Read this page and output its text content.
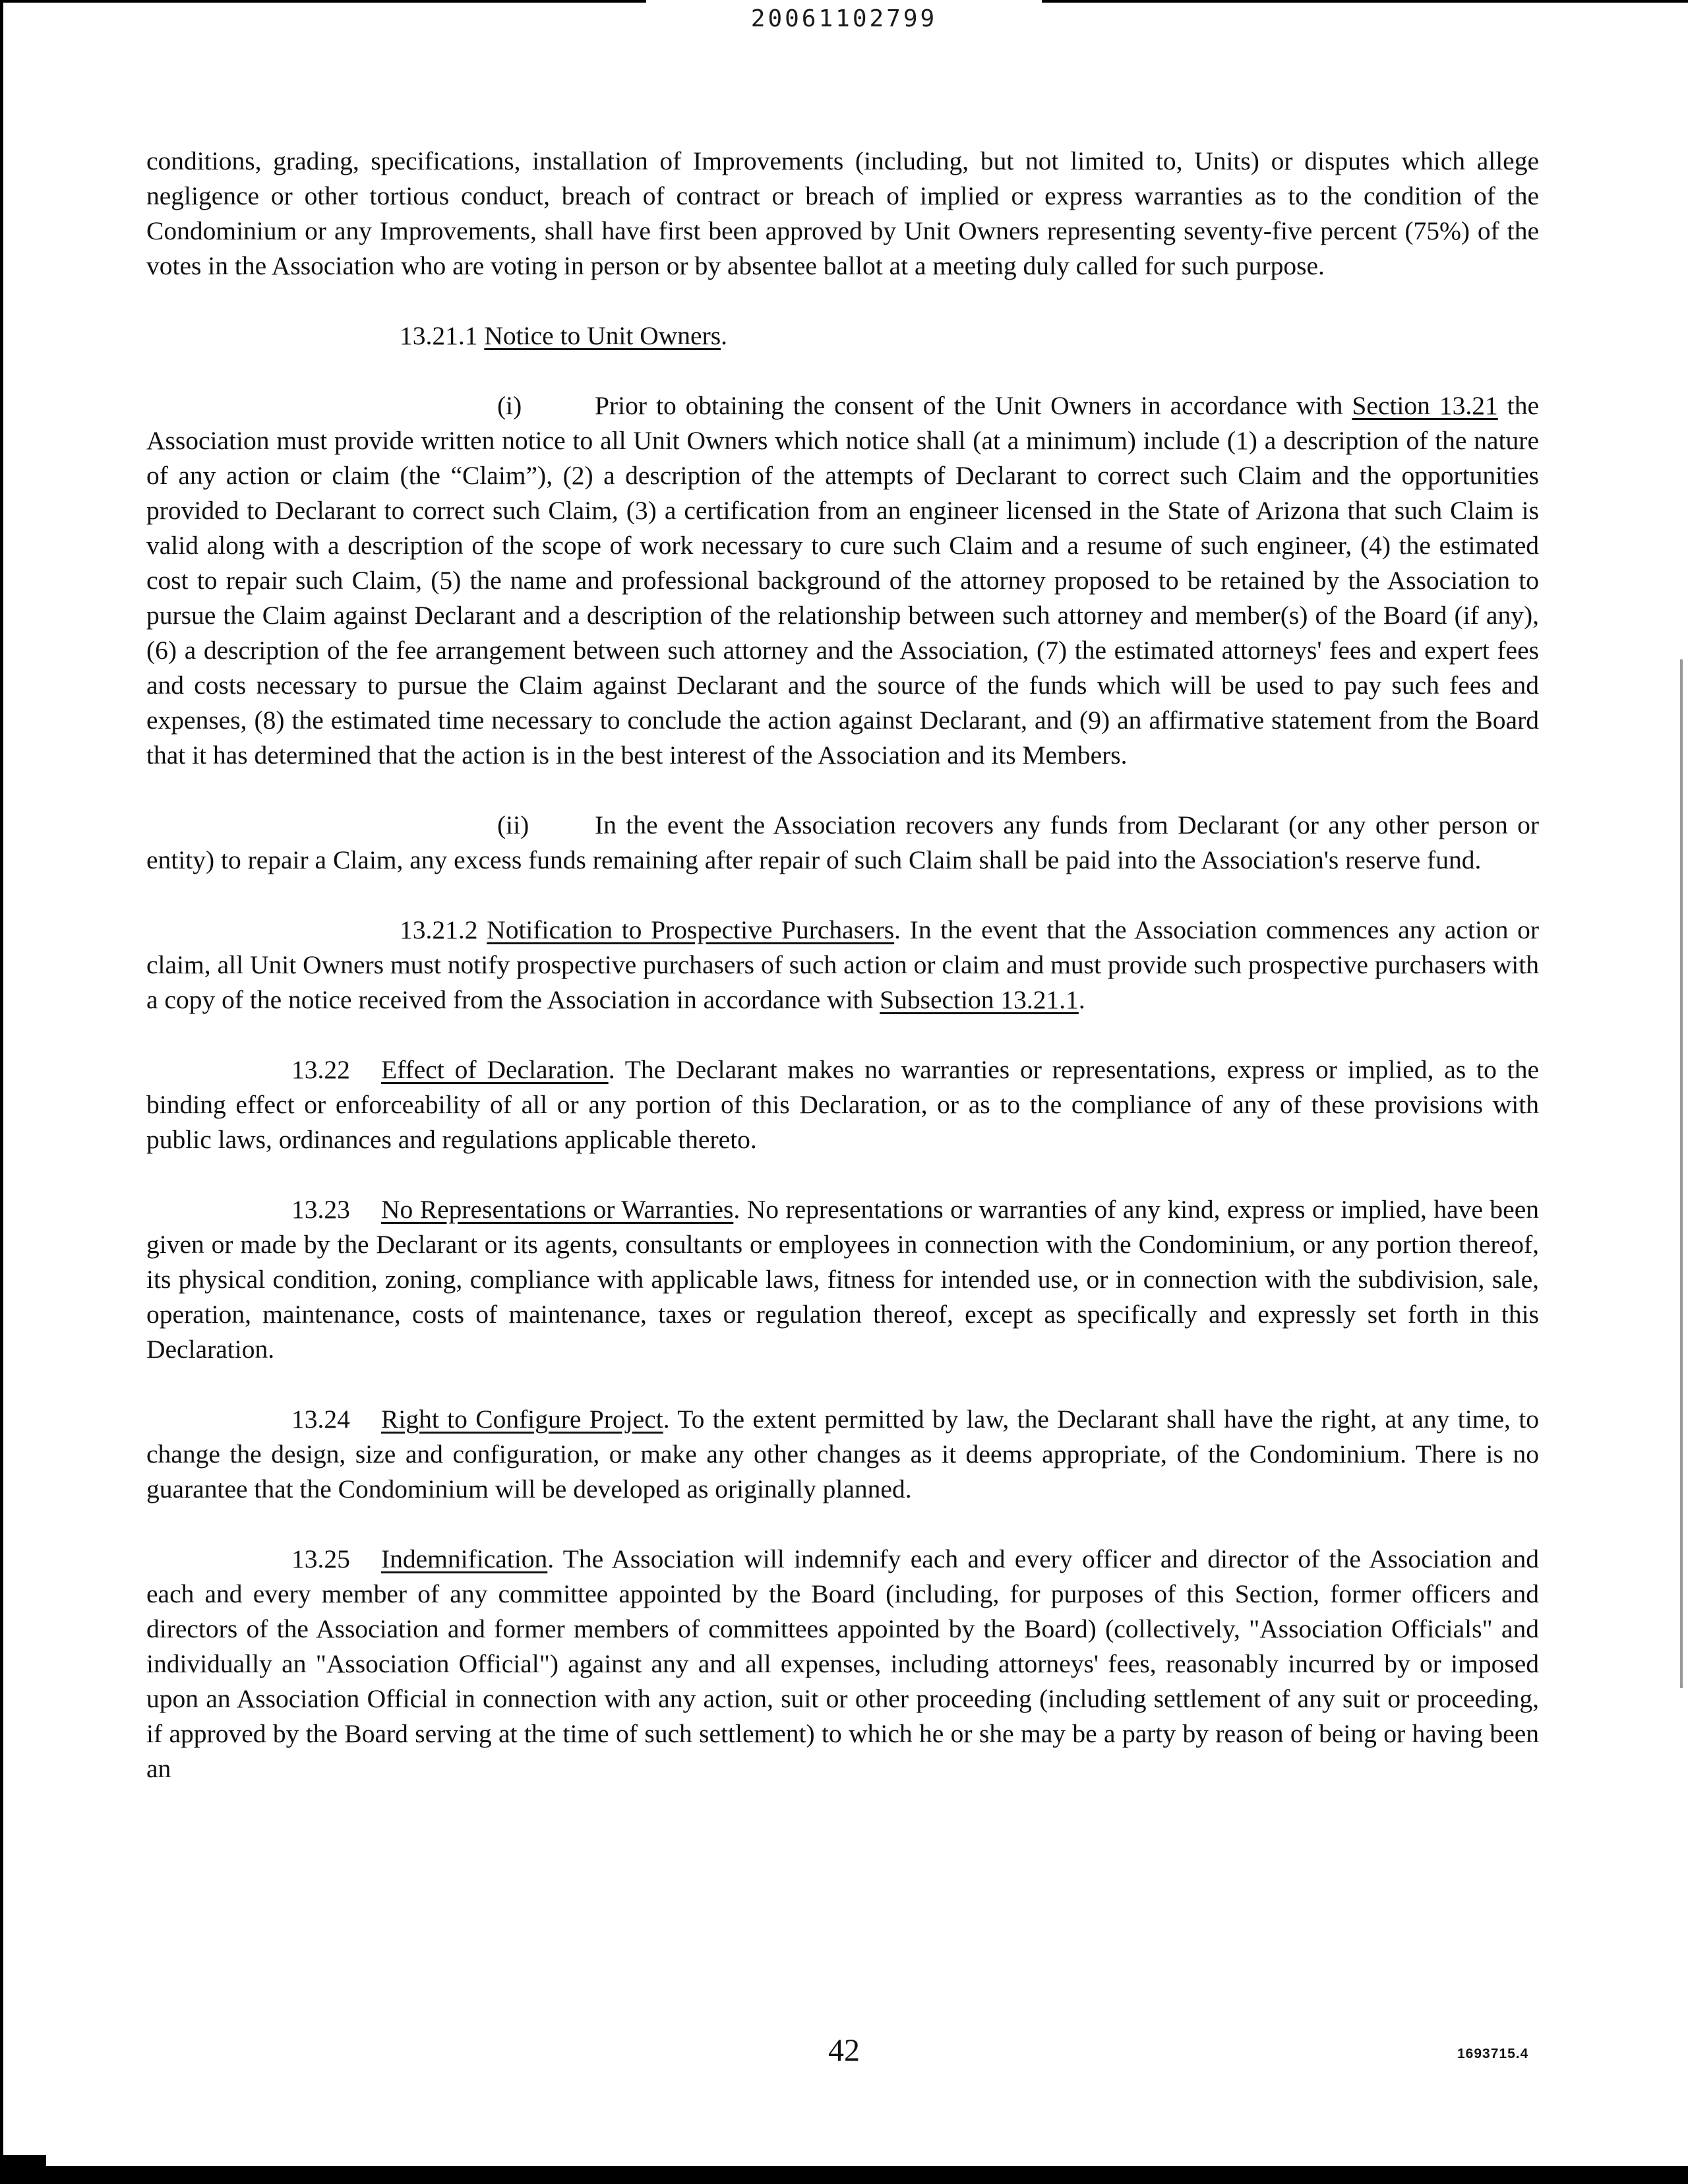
20061102799

conditions, grading, specifications, installation of Improvements (including, but not limited to, Units) or disputes which allege negligence or other tortious conduct, breach of contract or breach of implied or express warranties as to the condition of the Condominium or any Improvements, shall have first been approved by Unit Owners representing seventy-five percent (75%) of the votes in the Association who are voting in person or by absentee ballot at a meeting duly called for such purpose.

13.21.1 Notice to Unit Owners.

(i)	Prior to obtaining the consent of the Unit Owners in accordance with Section 13.21 the Association must provide written notice to all Unit Owners which notice shall (at a minimum) include (1) a description of the nature of any action or claim (the “Claim”), (2) a description of the attempts of Declarant to correct such Claim and the opportunities provided to Declarant to correct such Claim, (3) a certification from an engineer licensed in the State of Arizona that such Claim is valid along with a description of the scope of work necessary to cure such Claim and a resume of such engineer, (4) the estimated cost to repair such Claim, (5) the name and professional background of the attorney proposed to be retained by the Association to pursue the Claim against Declarant and a description of the relationship between such attorney and member(s) of the Board (if any), (6) a description of the fee arrangement between such attorney and the Association, (7) the estimated attorneys' fees and expert fees and costs necessary to pursue the Claim against Declarant and the source of the funds which will be used to pay such fees and expenses, (8) the estimated time necessary to conclude the action against Declarant, and (9) an affirmative statement from the Board that it has determined that the action is in the best interest of the Association and its Members.

(ii)	In the event the Association recovers any funds from Declarant (or any other person or entity) to repair a Claim, any excess funds remaining after repair of such Claim shall be paid into the Association's reserve fund.

13.21.2 Notification to Prospective Purchasers. In the event that the Association commences any action or claim, all Unit Owners must notify prospective purchasers of such action or claim and must provide such prospective purchasers with a copy of the notice received from the Association in accordance with Subsection 13.21.1.

13.22 Effect of Declaration. The Declarant makes no warranties or representations, express or implied, as to the binding effect or enforceability of all or any portion of this Declaration, or as to the compliance of any of these provisions with public laws, ordinances and regulations applicable thereto.

13.23 No Representations or Warranties. No representations or warranties of any kind, express or implied, have been given or made by the Declarant or its agents, consultants or employees in connection with the Condominium, or any portion thereof, its physical condition, zoning, compliance with applicable laws, fitness for intended use, or in connection with the subdivision, sale, operation, maintenance, costs of maintenance, taxes or regulation thereof, except as specifically and expressly set forth in this Declaration.

13.24 Right to Configure Project. To the extent permitted by law, the Declarant shall have the right, at any time, to change the design, size and configuration, or make any other changes as it deems appropriate, of the Condominium. There is no guarantee that the Condominium will be developed as originally planned.

13.25 Indemnification. The Association will indemnify each and every officer and director of the Association and each and every member of any committee appointed by the Board (including, for purposes of this Section, former officers and directors of the Association and former members of committees appointed by the Board) (collectively, "Association Officials" and individually an "Association Official") against any and all expenses, including attorneys' fees, reasonably incurred by or imposed upon an Association Official in connection with any action, suit or other proceeding (including settlement of any suit or proceeding, if approved by the Board serving at the time of such settlement) to which he or she may be a party by reason of being or having been an

42	1693715.4
